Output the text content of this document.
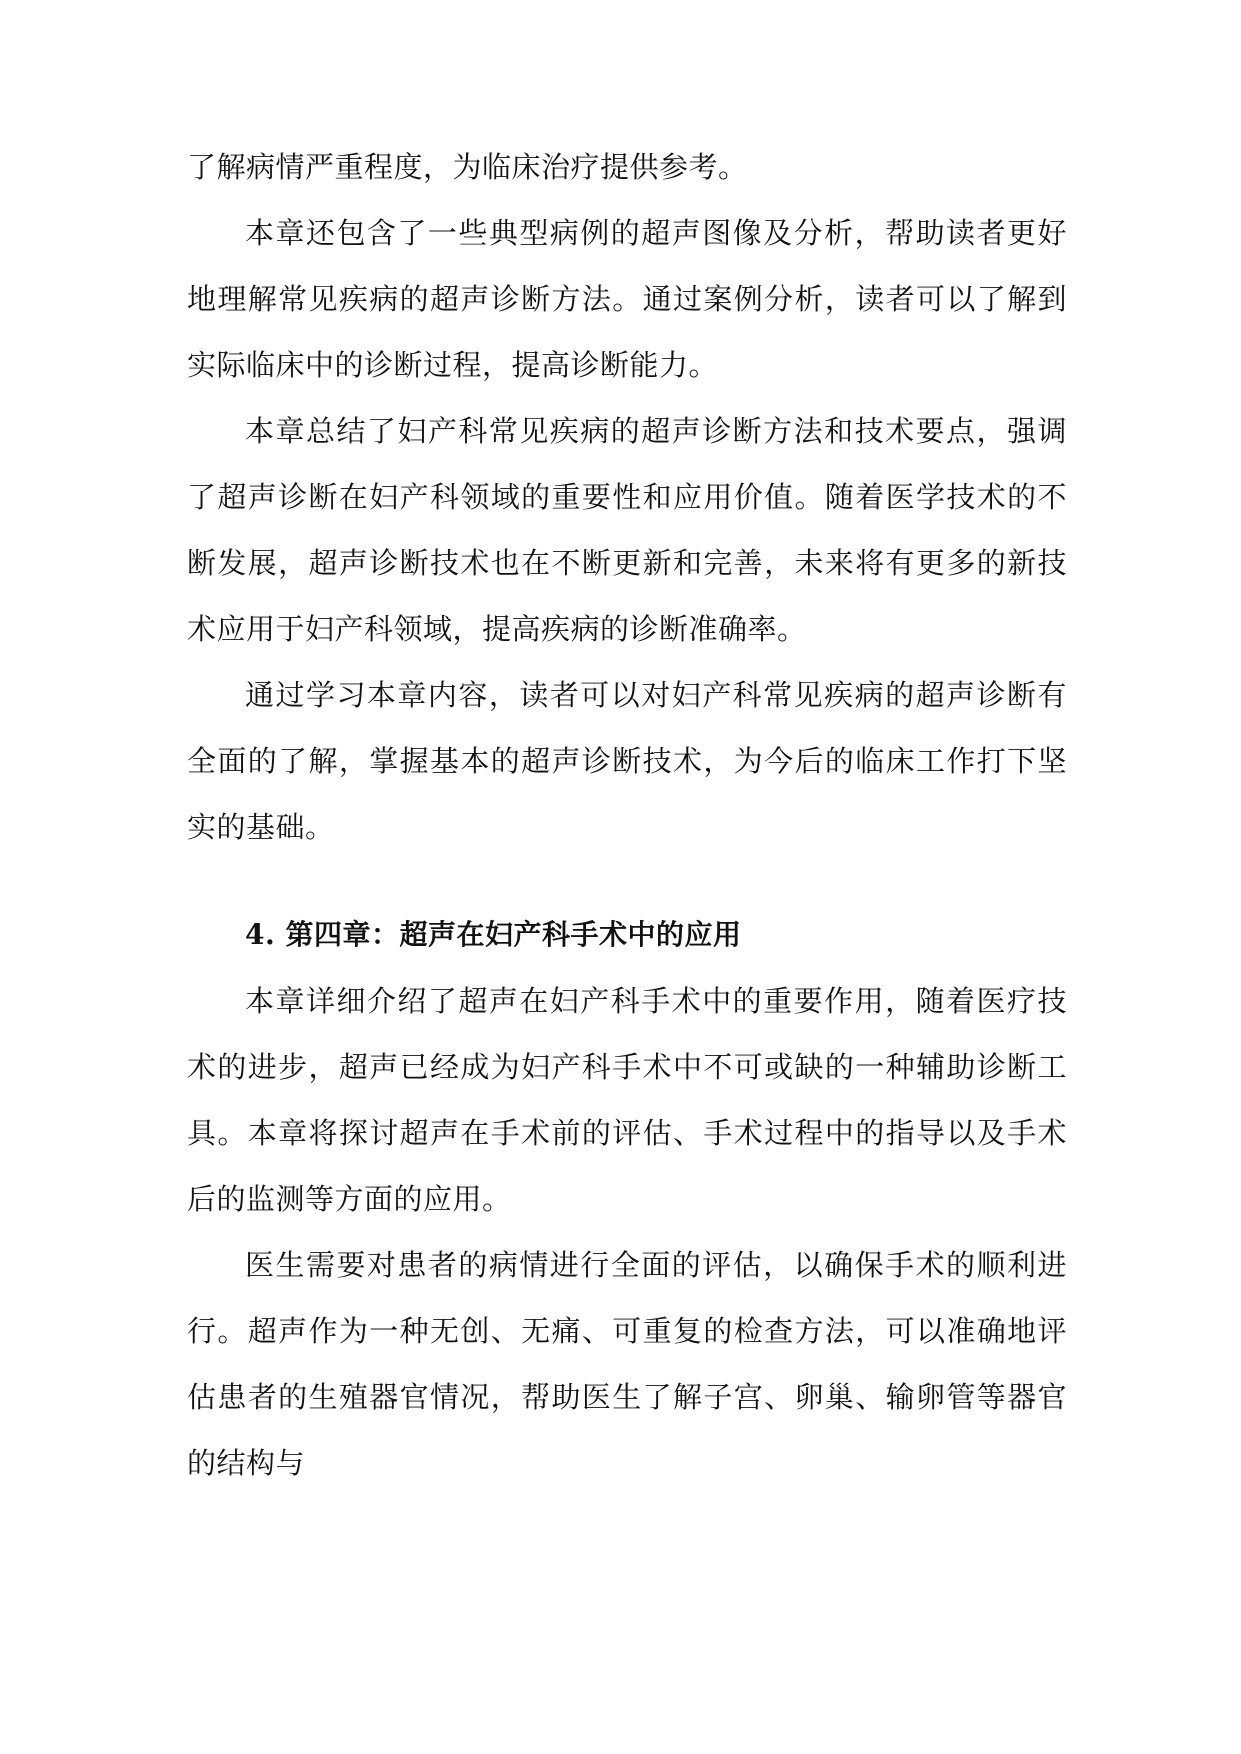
了解病情严重程度，为临床治疗提供参考。

本章还包含了一些典型病例的超声图像及分析，帮助读者更好地理解常见疾病的超声诊断方法。通过案例分析，读者可以了解到实际临床中的诊断过程，提高诊断能力。

本章总结了妇产科常见疾病的超声诊断方法和技术要点，强调了超声诊断在妇产科领域的重要性和应用价值。随着医学技术的不断发展，超声诊断技术也在不断更新和完善，未来将有更多的新技术应用于妇产科领域，提高疾病的诊断准确率。

通过学习本章内容，读者可以对妇产科常见疾病的超声诊断有全面的了解，掌握基本的超声诊断技术，为今后的临床工作打下坚实的基础。

4. 第四章：超声在妇产科手术中的应用

本章详细介绍了超声在妇产科手术中的重要作用，随着医疗技术的进步，超声已经成为妇产科手术中不可或缺的一种辅助诊断工具。本章将探讨超声在手术前的评估、手术过程中的指导以及手术后的监测等方面的应用。

医生需要对患者的病情进行全面的评估，以确保手术的顺利进行。超声作为一种无创、无痛、可重复的检查方法，可以准确地评估患者的生殖器官情况，帮助医生了解子宫、卵巢、输卵管等器官的结构与
